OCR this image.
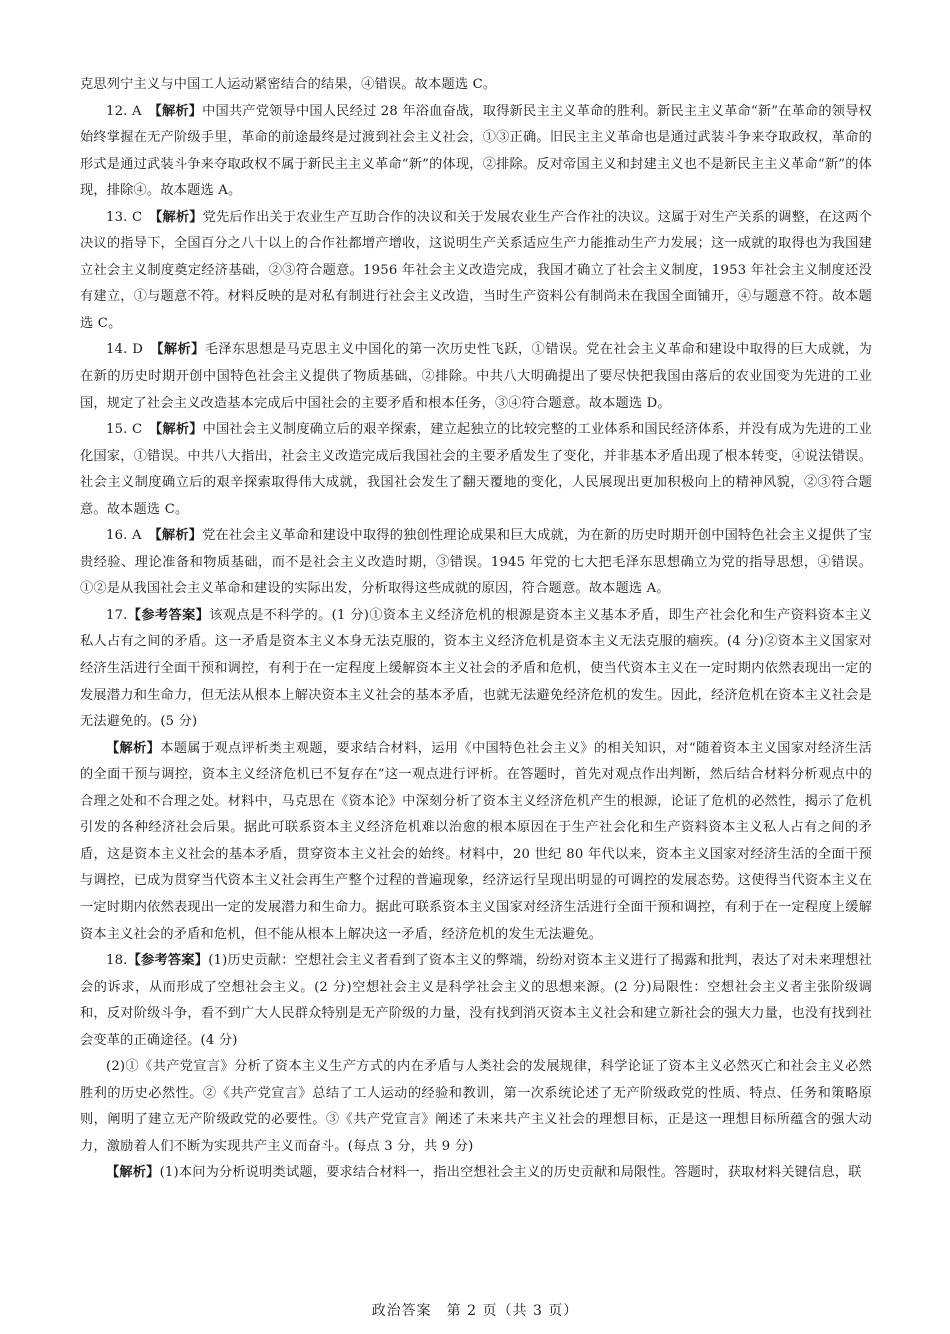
克思列宁主义与中国工人运动紧密结合的结果，④错误。故本题选 C。

12. A　 【解析】中国共产党领导中国人民经过 28 年浴血奋战，取得新民主主义革命的胜利。新民主主义革命“新”在革命的领导权始终掌握在无产阶级手里，革命的前途最终是过渡到社会主义社会，①③正确。旧民主主义革命也是通过武装斗争来夺取政权，革命的形式是通过武装斗争来夺取政权不属于新民主主义革命“新”的体现，②排除。反对帝国主义和封建主义也不是新民主主义革命“新”的体现，排除④。故本题选 A。

13. C　 【解析】党先后作出关于农业生产互助合作的决议和关于发展农业生产合作社的决议。这属于对生产关系的调整，在这两个决议的指导下，全国百分之八十以上的合作社都增产增收，这说明生产关系适应生产力能推动生产力发展；这一成就的取得也为我国建立社会主义制度奠定经济基础，②③符合题意。1956 年社会主义改造完成，我国才确立了社会主义制度，1953 年社会主义制度还没有建立，①与题意不符。材料反映的是对私有制进行社会主义改造，当时生产资料公有制尚未在我国全面铺开，④与题意不符。故本题选 C。

14. D　 【解析】毛泽东思想是马克思主义中国化的第一次历史性飞跃，①错误。党在社会主义革命和建设中取得的巨大成就，为在新的历史时期开创中国特色社会主义提供了物质基础，②排除。中共八大明确提出了要尽快把我国由落后的农业国变为先进的工业国，规定了社会主义改造基本完成后中国社会的主要矛盾和根本任务，③④符合题意。故本题选 D。

15. C　 【解析】中国社会主义制度确立后的艰辛探索，建立起独立的比较完整的工业体系和国民经济体系，并没有成为先进的工业化国家，①错误。中共八大指出，社会主义改造完成后我国社会的主要矛盾发生了变化，并非基本矛盾出现了根本转变，④说法错误。社会主义制度确立后的艰辛探索取得伟大成就，我国社会发生了翻天覆地的变化，人民展现出更加积极向上的精神风貌，②③符合题意。故本题选 C。

16. A　 【解析】党在社会主义革命和建设中取得的独创性理论成果和巨大成就，为在新的历史时期开创中国特色社会主义提供了宝贵经验、理论准备和物质基础，而不是社会主义改造时期，③错误。1945 年党的七大把毛泽东思想确立为党的指导思想，④错误。①②是从我国社会主义革命和建设的实际出发，分析取得这些成就的原因，符合题意。故本题选 A。

17.【参考答案】该观点是不科学的。(1 分)①资本主义经济危机的根源是资本主义基本矛盾，即生产社会化和生产资料资本主义私人占有之间的矛盾。这一矛盾是资本主义本身无法克服的，资本主义经济危机是资本主义无法克服的痼疾。(4 分)②资本主义国家对经济生活进行全面干预和调控，有利于在一定程度上缓解资本主义社会的矛盾和危机，使当代资本主义在一定时期内依然表现出一定的发展潜力和生命力，但无法从根本上解决资本主义社会的基本矛盾，也就无法避免经济危机的发生。因此，经济危机在资本主义社会是无法避免的。(5 分)

【解析】本题属于观点评析类主观题，要求结合材料，运用《中国特色社会主义》的相关知识，对“随着资本主义国家对经济生活的全面干预与调控，资本主义经济危机已不复存在”这一观点进行评析。在答题时，首先对观点作出判断，然后结合材料分析观点中的合理之处和不合理之处。材料中，马克思在《资本论》中深刻分析了资本主义经济危机产生的根源，论证了危机的必然性，揭示了危机引发的各种经济社会后果。据此可联系资本主义经济危机难以治愈的根本原因在于生产社会化和生产资料资本主义私人占有之间的矛盾，这是资本主义社会的基本矛盾，贯穿资本主义社会的始终。材料中，20 世纪 80 年代以来，资本主义国家对经济生活的全面干预与调控，已成为贯穿当代资本主义社会再生产整个过程的普遍现象，经济运行呈现出明显的可调控的发展态势。这使得当代资本主义在一定时期内依然表现出一定的发展潜力和生命力。据此可联系资本主义国家对经济生活进行全面干预和调控，有利于在一定程度上缓解资本主义社会的矛盾和危机，但不能从根本上解决这一矛盾，经济危机的发生无法避免。

18.【参考答案】(1)历史贡献：空想社会主义者看到了资本主义的弊端，纷纷对资本主义进行了揭露和批判，表达了对未来理想社会的诉求，从而形成了空想社会主义。(2 分)空想社会主义是科学社会主义的思想来源。(2 分)局限性：空想社会主义者主张阶级调和，反对阶级斗争，看不到广大人民群众特别是无产阶级的力量，没有找到消灭资本主义社会和建立新社会的强大力量，也没有找到社会变革的正确途径。(4 分)

(2)①《共产党宣言》分析了资本主义生产方式的内在矛盾与人类社会的发展规律，科学论证了资本主义必然灭亡和社会主义必然胜利的历史必然性。②《共产党宣言》总结了工人运动的经验和教训，第一次系统论述了无产阶级政党的性质、特点、任务和策略原则，阐明了建立无产阶级政党的必要性。③《共产党宣言》阐述了未来共产主义社会的理想目标，正是这一理想目标所蕴含的强大动力，激励着人们不断为实现共产主义而奋斗。(每点 3 分，共 9 分)

【解析】(1)本问为分析说明类试题，要求结合材料一，指出空想社会主义的历史贡献和局限性。答题时，获取材料关键信息，联

政治答案　第 2 页（共 3 页）
